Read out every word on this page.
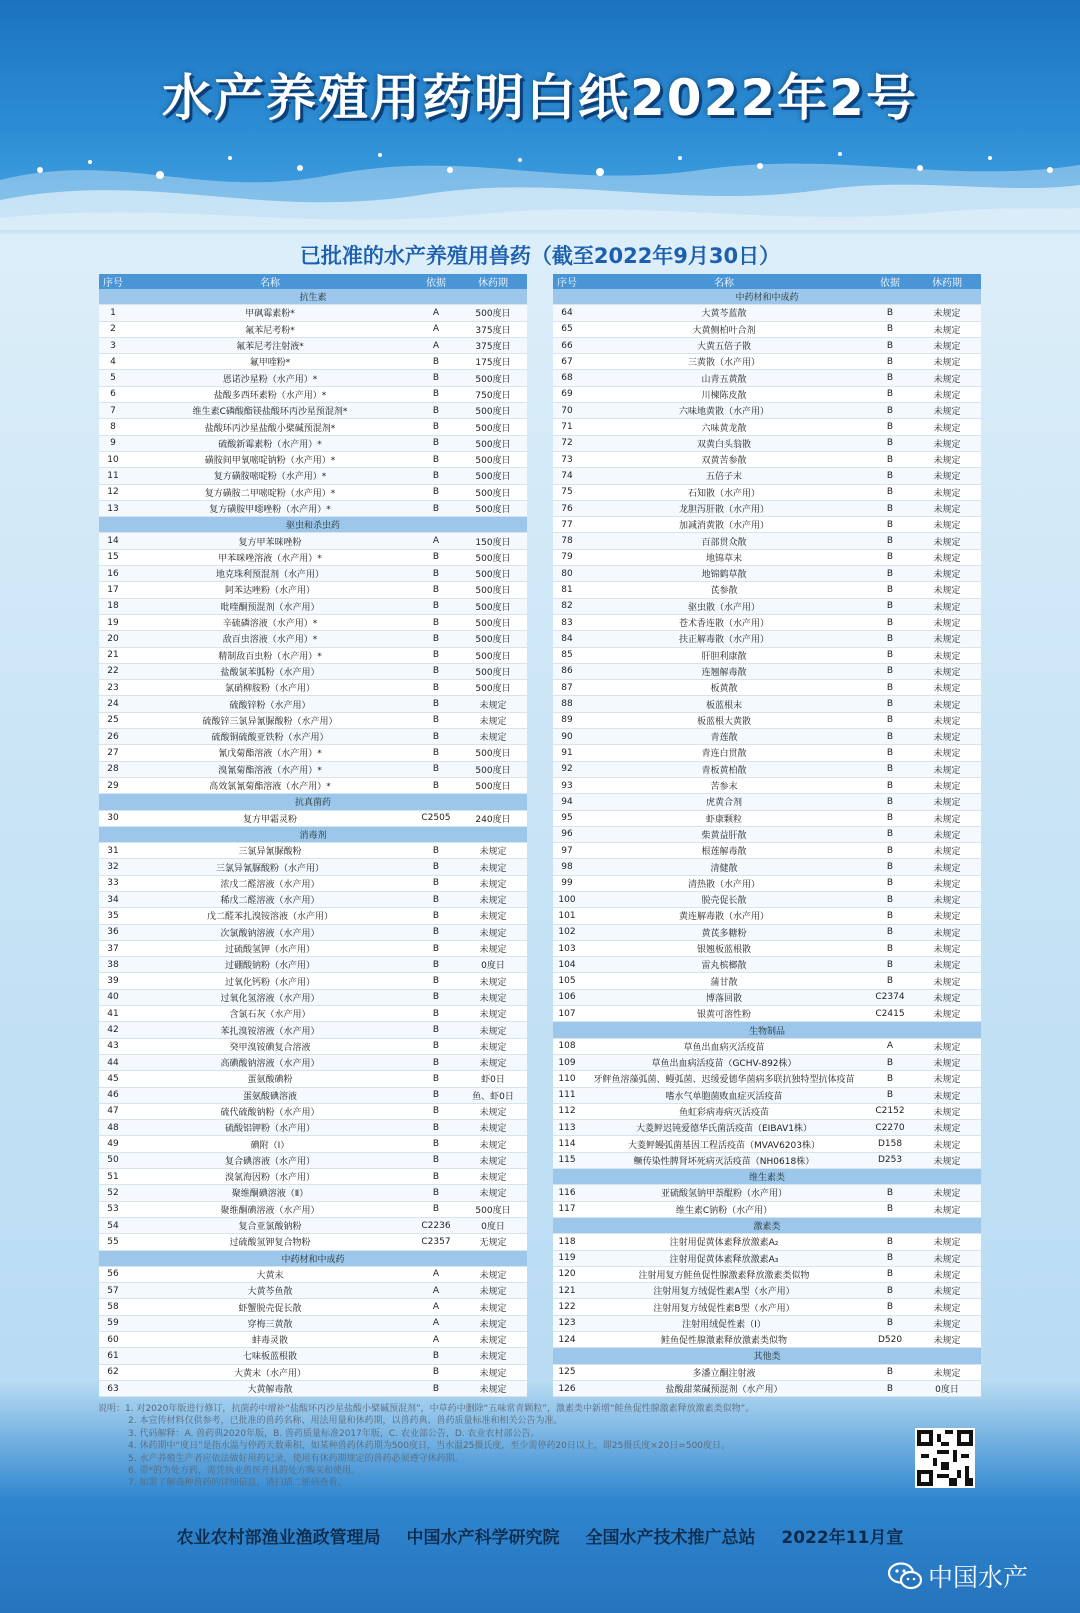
水产养殖用药明白纸2022年2号
已批准的水产养殖用兽药（截至2022年9月30日）
序号	名称	依据	休药期
抗生素			
1	甲砜霉素粉*	A	500度日
2	氟苯尼考粉*	A	375度日
3	氟苯尼考注射液*	A	375度日
4	氟甲喹粉*	B	175度日
5	恩诺沙星粉（水产用）*	B	500度日
6	盐酸多西环素粉（水产用）*	B	750度日
7	维生素C磷酸酯镁盐酸环丙沙星预混剂*	B	500度日
8	盐酸环丙沙星盐酸小檗碱预混剂*	B	500度日
9	硫酸新霉素粉（水产用）*	B	500度日
10	磺胺间甲氧嘧啶钠粉（水产用）*	B	500度日
11	复方磺胺嘧啶粉（水产用）*	B	500度日
12	复方磺胺二甲嘧啶粉（水产用）*	B	500度日
13	复方磺胺甲噁唑粉（水产用）*	B	500度日
驱虫和杀虫药			
14	复方甲苯咪唑粉	A	150度日
15	甲苯咪唑溶液（水产用）*	B	500度日
16	地克珠利预混剂（水产用）	B	500度日
17	阿苯达唑粉（水产用）	B	500度日
18	吡喹酮预混剂（水产用）	B	500度日
19	辛硫磷溶液（水产用）*	B	500度日
20	敌百虫溶液（水产用）*	B	500度日
21	精制敌百虫粉（水产用）*	B	500度日
22	盐酸氯苯胍粉（水产用）	B	500度日
23	氯硝柳胺粉（水产用）	B	500度日
24	硫酸锌粉（水产用）	B	未规定
25	硫酸锌三氯异氰脲酸粉（水产用）	B	未规定
26	硫酸铜硫酸亚铁粉（水产用）	B	未规定
27	氰戊菊酯溶液（水产用）*	B	500度日
28	溴氰菊酯溶液（水产用）*	B	500度日
29	高效氯氰菊酯溶液（水产用）*	B	500度日
抗真菌药			
30	复方甲霜灵粉	C2505	240度日
消毒剂			
31	三氯异氰脲酸粉	B	未规定
32	三氯异氰脲酸粉（水产用）	B	未规定
33	浓戊二醛溶液（水产用）	B	未规定
34	稀戊二醛溶液（水产用）	B	未规定
35	戊二醛苯扎溴铵溶液（水产用）	B	未规定
36	次氯酸钠溶液（水产用）	B	未规定
37	过硫酸氢钾（水产用）	B	未规定
38	过硼酸钠粉（水产用）	B	0度日
39	过氧化钙粉（水产用）	B	未规定
40	过氧化氢溶液（水产用）	B	未规定
41	含氯石灰（水产用）	B	未规定
42	苯扎溴铵溶液（水产用）	B	未规定
43	癸甲溴铵碘复合溶液	B	未规定
44	高碘酸钠溶液（水产用）	B	未规定
45	蛋氨酸碘粉	B	虾0日
46	蛋氨酸碘溶液	B	鱼、虾0日
47	硫代硫酸钠粉（水产用）	B	未规定
48	硫酸铝钾粉（水产用）	B	未规定
49	碘附（Ⅰ）	B	未规定
50	复合碘溶液（水产用）	B	未规定
51	溴氯海因粉（水产用）	B	未规定
52	聚维酮碘溶液（Ⅱ）	B	未规定
53	聚维酮碘溶液（水产用）	B	500度日
54	复合亚氯酸钠粉	C2236	0度日
55	过硫酸氢钾复合物粉	C2357	无规定
中药材和中成药			
56	大黄末	A	未规定
57	大黄芩鱼散	A	未规定
58	虾蟹脱壳促长散	A	未规定
59	穿梅三黄散	A	未规定
60	蚌毒灵散	A	未规定
61	七味板蓝根散	B	未规定
62	大黄末（水产用）	B	未规定
63	大黄解毒散	B	未规定
序号	名称	依据	休药期
中药材和中成药			
64	大黄芩蓝散	B	未规定
65	大黄侧柏叶合剂	B	未规定
66	大黄五倍子散	B	未规定
67	三黄散（水产用）	B	未规定
68	山青五黄散	B	未规定
69	川楝陈皮散	B	未规定
70	六味地黄散（水产用）	B	未规定
71	六味黄龙散	B	未规定
72	双黄白头翁散	B	未规定
73	双黄苦参散	B	未规定
74	五倍子末	B	未规定
75	石知散（水产用）	B	未规定
76	龙胆泻肝散（水产用）	B	未规定
77	加减消黄散（水产用）	B	未规定
78	百部贯众散	B	未规定
79	地锦草末	B	未规定
80	地锦鹤草散	B	未规定
81	芪参散	B	未规定
82	驱虫散（水产用）	B	未规定
83	苍术香连散（水产用）	B	未规定
84	扶正解毒散（水产用）	B	未规定
85	肝胆利康散	B	未规定
86	连翘解毒散	B	未规定
87	板黄散	B	未规定
88	板蓝根末	B	未规定
89	板蓝根大黄散	B	未规定
90	青莲散	B	未规定
91	青连白贯散	B	未规定
92	青板黄柏散	B	未规定
93	苦参末	B	未规定
94	虎黄合剂	B	未规定
95	虾康颗粒	B	未规定
96	柴黄益肝散	B	未规定
97	根莲解毒散	B	未规定
98	清健散	B	未规定
99	清热散（水产用）	B	未规定
100	脱壳促长散	B	未规定
101	黄连解毒散（水产用）	B	未规定
102	黄芪多糖粉	B	未规定
103	银翘板蓝根散	B	未规定
104	雷丸槟榔散	B	未规定
105	蒲甘散	B	未规定
106	博落回散	C2374	未规定
107	银黄可溶性粉	C2415	未规定
生物制品			
108	草鱼出血病灭活疫苗	A	未规定
109	草鱼出血病活疫苗（GCHV-892株）	B	未规定
110	牙鲆鱼溶藻弧菌、鳗弧菌、迟缓爱德华菌病多联抗独特型抗体疫苗	B	未规定
111	嗜水气单胞菌败血症灭活疫苗	B	未规定
112	鱼虹彩病毒病灭活疫苗	C2152	未规定
113	大菱鲆迟钝爱德华氏菌活疫苗（EIBAV1株）	C2270	未规定
114	大菱鲆鳗弧菌基因工程活疫苗（MVAV6203株）	D158	未规定
115	鳜传染性脾肾坏死病灭活疫苗（NH0618株）	D253	未规定
维生素类			
116	亚硫酸氢钠甲萘醌粉（水产用）	B	未规定
117	维生素C钠粉（水产用）	B	未规定
激素类			
118	注射用促黄体素释放激素A₂	B	未规定
119	注射用促黄体素释放激素A₃	B	未规定
120	注射用复方鲑鱼促性腺激素释放激素类似物	B	未规定
121	注射用复方绒促性素A型（水产用）	B	未规定
122	注射用复方绒促性素B型（水产用）	B	未规定
123	注射用绒促性素（Ⅰ）	B	未规定
124	鲑鱼促性腺激素释放激素类似物	D520	未规定
其他类			
125	多潘立酮注射液	B	未规定
126	盐酸甜菜碱预混剂（水产用）	B	0度日
说明：1. 对2020年版进行修订，抗菌药中增补“盐酸环丙沙星盐酸小檗碱预混剂”，中草药中删除“五味常青颗粒”，激素类中新增“鲑鱼促性腺激素释放激素类似物”。
2. 本宣传材料仅供参考，已批准的兽药名称、用法用量和休药期，以兽药典、兽药质量标准和相关公告为准。
3. 代码解释：A. 兽药典2020年版，B. 兽药质量标准2017年版，C. 农业部公告，D. 农业农村部公告。
4. 休药期中“度日”是指水温与停药天数乘积，如某种兽药休药期为500度日，当水温25摄氏度，至少需停药20日以上，即25摄氏度×20日=500度日。
5. 水产养殖生产者应依法做好用药记录，使用有休药期规定的兽药必须遵守休药期。
6. 带*的为处方药，需凭执业兽医开具的处方购买和使用。
7. 如需了解毒种兽药的详细信息，请扫描二维码查看。
农业农村部渔业渔政管理局 中国水产科学研究院 全国水产技术推广总站 2022年11月宣
中国水产
